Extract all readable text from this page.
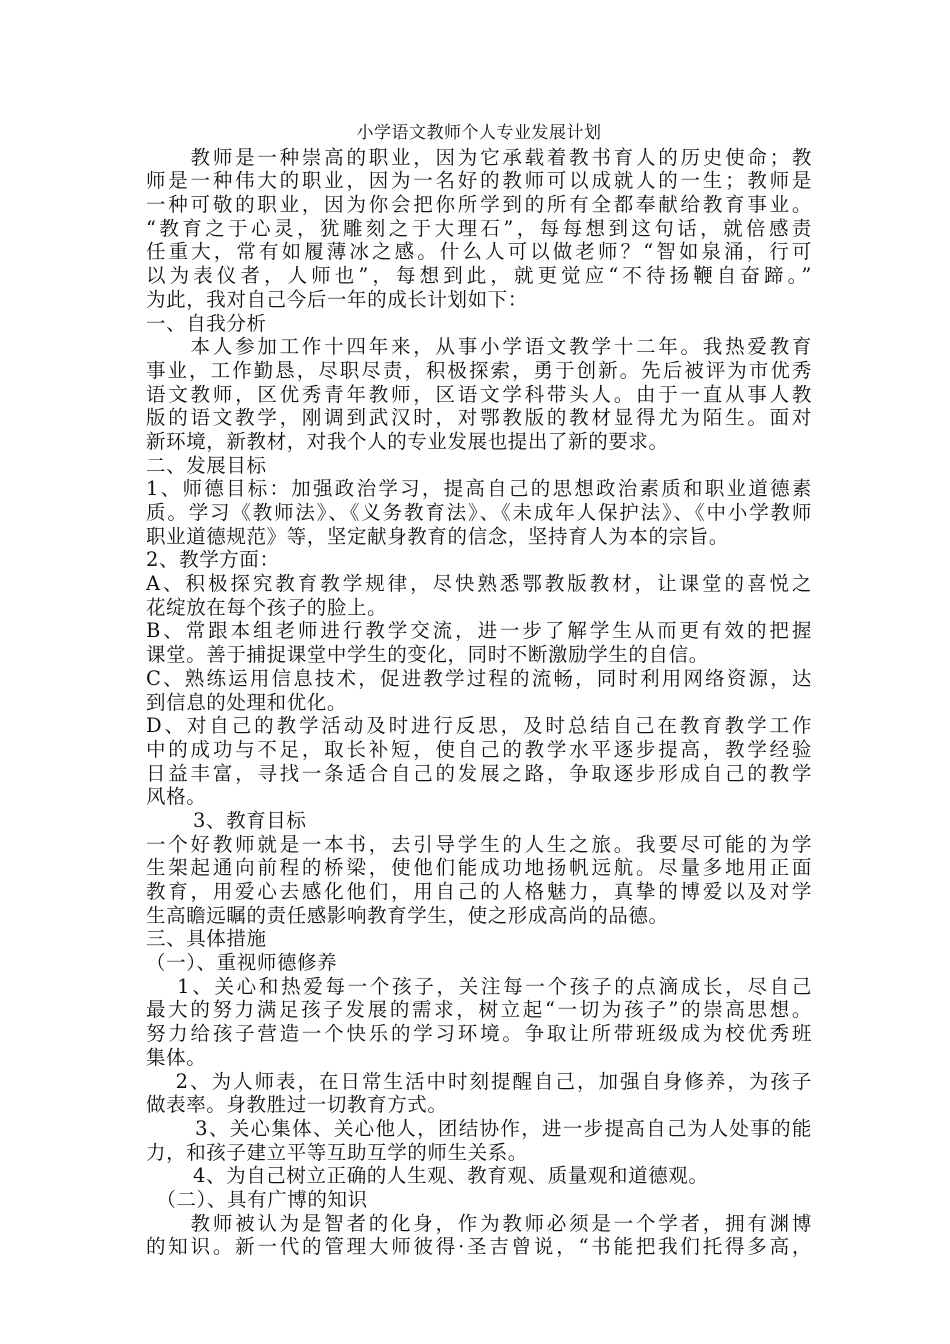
小学语文教师个人专业发展计划
　　教师是一种崇高的职业，因为它承载着教书育人的历史使命；教
师是一种伟大的职业，因为一名好的教师可以成就人的一生；教师是
一种可敬的职业，因为你会把你所学到的所有全都奉献给教育事业。
“教育之于心灵，犹雕刻之于大理石”，每每想到这句话，就倍感责
任重大，常有如履薄冰之感。什么人可以做老师？“智如泉涌，行可
以为表仪者，人师也”，每想到此，就更觉应“不待扬鞭自奋蹄。”
为此，我对自己今后一年的成长计划如下：
一、自我分析
　　本人参加工作十四年来，从事小学语文教学十二年。我热爱教育
事业，工作勤恳，尽职尽责，积极探索，勇于创新。先后被评为市优秀
语文教师，区优秀青年教师，区语文学科带头人。由于一直从事人教
版的语文教学，刚调到武汉时，对鄂教版的教材显得尤为陌生。面对
新环境，新教材，对我个人的专业发展也提出了新的要求。
二、发展目标
1、师德目标：加强政治学习，提高自己的思想政治素质和职业道德素
质。学习《教师法》、《义务教育法》、《未成年人保护法》、《中小学教师
职业道德规范》等，坚定献身教育的信念，坚持育人为本的宗旨。
2、教学方面：
A、积极探究教育教学规律，尽快熟悉鄂教版教材，让课堂的喜悦之
花绽放在每个孩子的脸上。
B、常跟本组老师进行教学交流，进一步了解学生从而更有效的把握
课堂。善于捕捉课堂中学生的变化，同时不断激励学生的自信。
C、熟练运用信息技术，促进教学过程的流畅，同时利用网络资源，达
到信息的处理和优化。
D、对自己的教学活动及时进行反思，及时总结自己在教育教学工作
中的成功与不足，取长补短，使自己的教学水平逐步提高，教学经验
日益丰富，寻找一条适合自己的发展之路，争取逐步形成自己的教学
风格。
　　 3、教育目标
一个好教师就是一本书，去引导学生的人生之旅。我要尽可能的为学
生架起通向前程的桥梁，使他们能成功地扬帆远航。尽量多地用正面
教育，用爱心去感化他们，用自己的人格魅力，真挚的博爱以及对学
生高瞻远瞩的责任感影响教育学生，使之形成高尚的品德。
三、具体措施
（一）、重视师德修养
　 1、关心和热爱每一个孩子，关注每一个孩子的点滴成长，尽自己
最大的努力满足孩子发展的需求，树立起“一切为孩子”的崇高思想。
努力给孩子营造一个快乐的学习环境。争取让所带班级成为校优秀班
集体。
　 2、为人师表，在日常生活中时刻提醒自己，加强自身修养，为孩子
做表率。身教胜过一切教育方式。
　　 3、关心集体、关心他人，团结协作，进一步提高自己为人处事的能
力，和孩子建立平等互助互学的师生关系。
　　 4、为自己树立正确的人生观、教育观、质量观和道德观。
　（二）、具有广博的知识
　　教师被认为是智者的化身，作为教师必须是一个学者，拥有渊博
的知识。新一代的管理大师彼得·圣吉曾说，“书能把我们托得多高，
